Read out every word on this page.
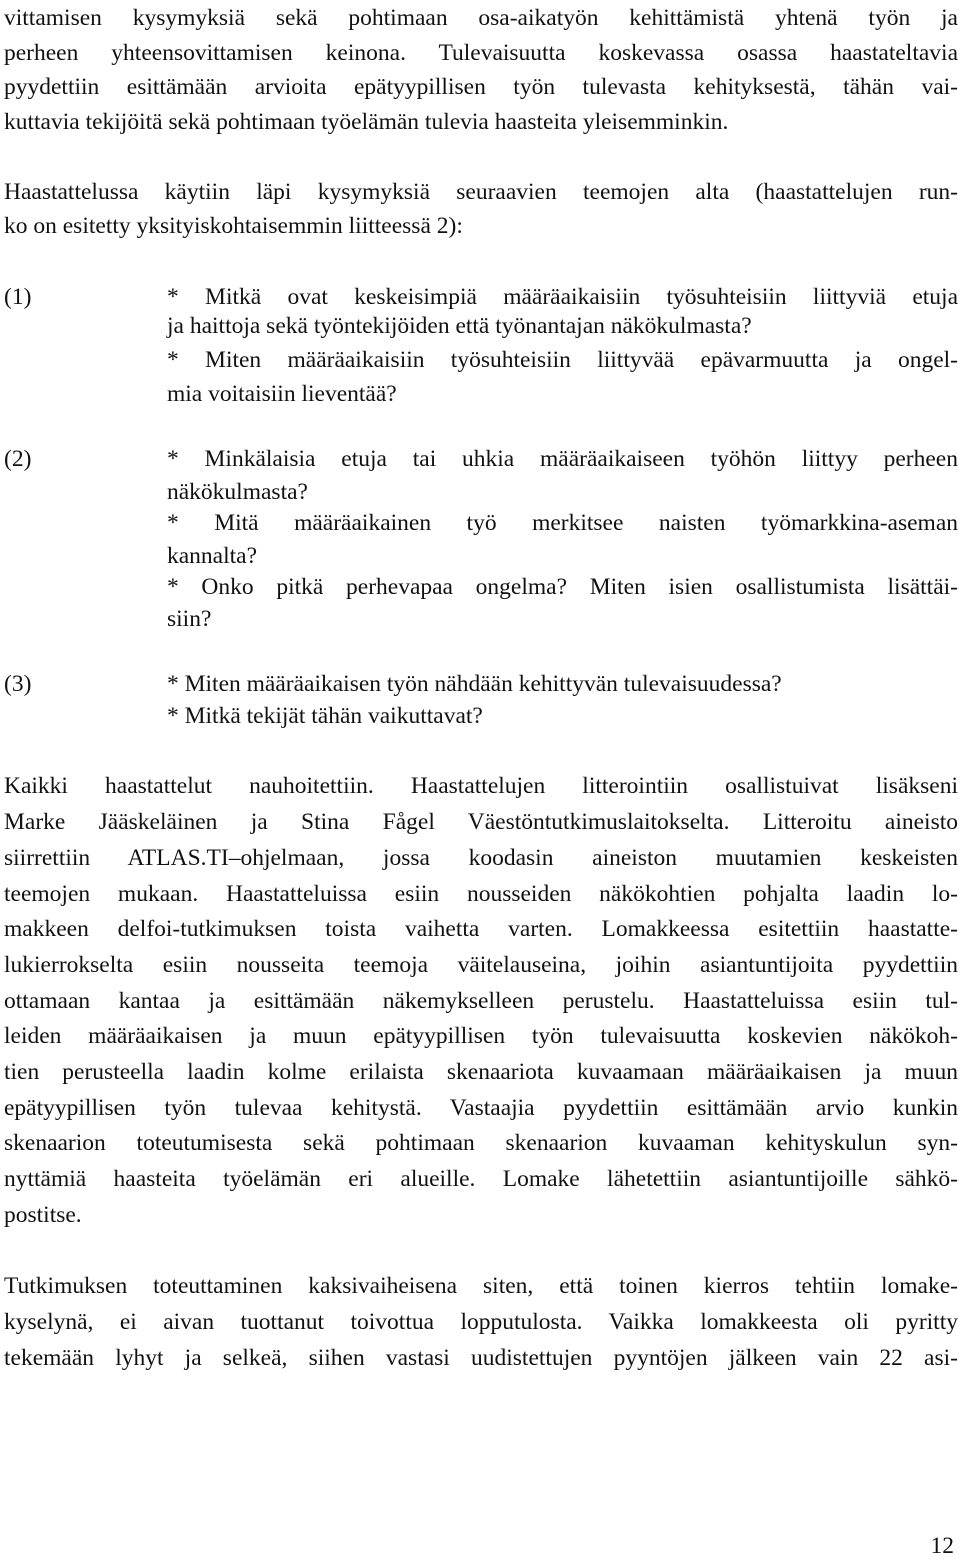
vittamisen kysymyksiä sekä pohtimaan osa-aikatyön kehittämistä yhtenä työn ja
perheen yhteensovittamisen keinona. Tulevaisuutta koskevassa osassa haastateltavia
pyydettiin esittämään arvioita epätyypillisen työn tulevasta kehityksestä, tähän vai-
kuttavia tekijöitä sekä pohtimaan työelämän tulevia haasteita yleisemminkin.
Haastattelussa käytiin läpi kysymyksiä seuraavien teemojen alta (haastattelujen run-
ko on esitetty yksityiskohtaisemmin liitteessä 2):
(1)	* Mitkä ovat keskeisimpiä määräaikaisiin työsuhteisiin liittyviä etuja
ja haittoja sekä työntekijöiden että työnantajan näkökulmasta?
* Miten määräaikaisiin työsuhteisiin liittyvää epävarmuutta ja ongel-
mia voitaisiin lieventää?
(2)	* Minkälaisia etuja tai uhkia määräaikaiseen työhön liittyy perheen
näkökulmasta?
* Mitä määräaikainen työ merkitsee naisten työmarkkina-aseman
kannalta?
* Onko pitkä perhevapaa ongelma? Miten isien osallistumista lisättäi-
siin?
(3)	* Miten määräaikaisen työn nähdään kehittyvän tulevaisuudessa?
* Mitkä tekijät tähän vaikuttavat?
Kaikki haastattelut nauhoitettiin. Haastattelujen litterointiin osallistuivat lisäkseni
Marke Jääskeläinen ja Stina Fågel Väestöntutkimuslaitokselta. Litteroitu aineisto
siirrettiin ATLAS.TI–ohjelmaan, jossa koodasin aineiston muutamien keskeisten
teemojen mukaan. Haastatteluissa esiin nousseiden näkökohtien pohjalta laadin lo-
makkeen delfoi-tutkimuksen toista vaihetta varten. Lomakkeessa esitettiin haastatte-
lukierrokselta esiin nousseita teemoja väitelauseina, joihin asiantuntijoita pyydettiin
ottamaan kantaa ja esittämään näkemykselleen perustelu. Haastatteluissa esiin tul-
leiden määräaikaisen ja muun epätyypillisen työn tulevaisuutta koskevien näkökoh-
tien perusteella laadin kolme erilaista skenaariota kuvaamaan määräaikaisen ja muun
epätyypillisen työn tulevaa kehitystä. Vastaajia pyydettiin esittämään arvio kunkin
skenaarion toteutumisesta sekä pohtimaan skenaarion kuvaaman kehityskulun syn-
nyttämiä haasteita työelämän eri alueille. Lomake lähetettiin asiantuntijoille sähkö-
postitse.
Tutkimuksen toteuttaminen kaksivaiheisena siten, että toinen kierros tehtiin lomake-
kyselynä, ei aivan tuottanut toivottua lopputulosta. Vaikka lomakkeesta oli pyritty
tekemään lyhyt ja selkeä, siihen vastasi uudistettujen pyyntöjen jälkeen vain 22 asi-
12
